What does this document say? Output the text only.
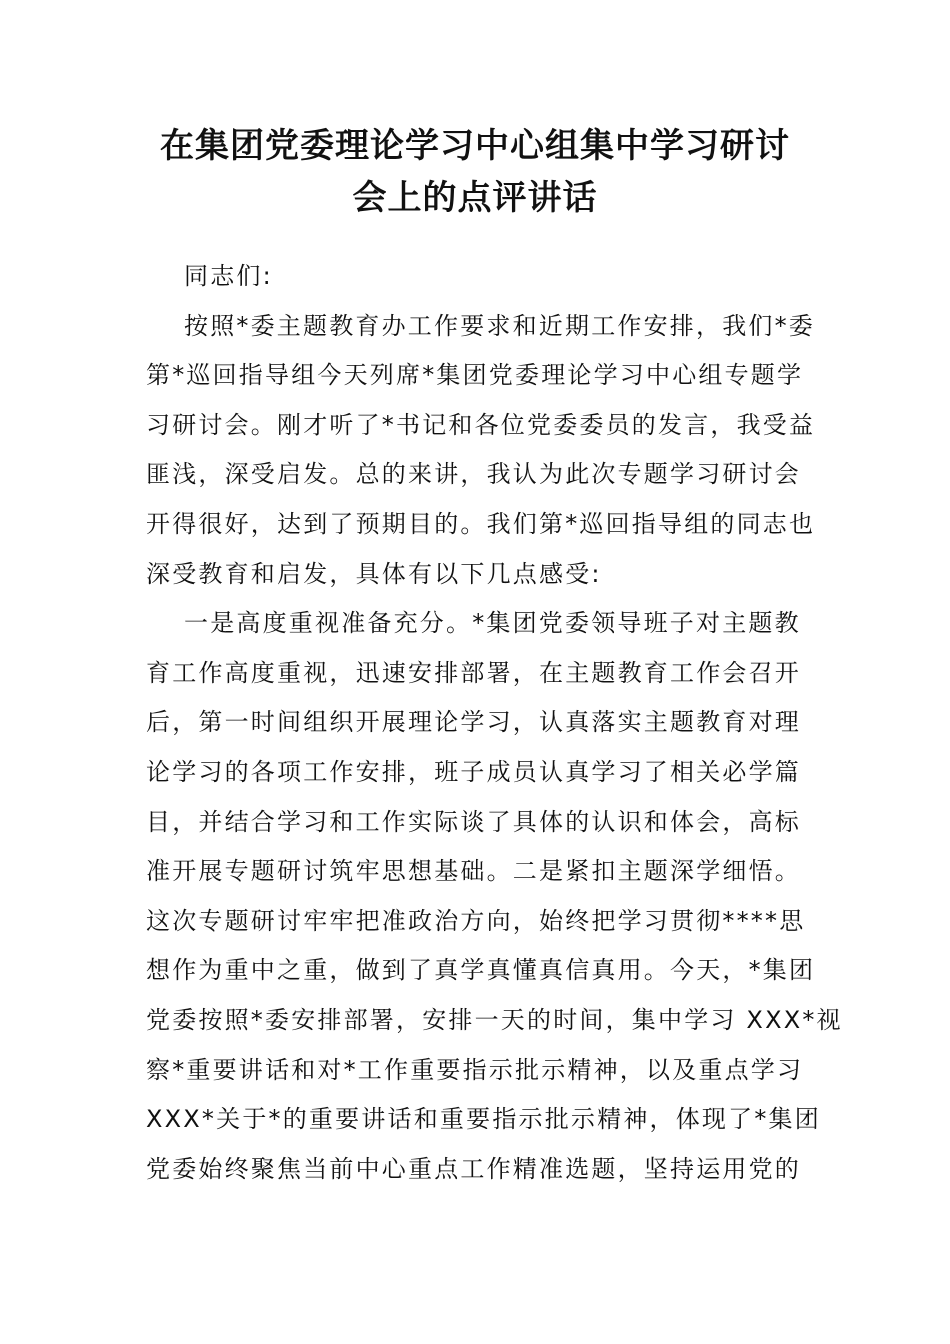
在集团党委理论学习中心组集中学习研讨
会上的点评讲话
同志们:
按照*委主题教育办工作要求和近期工作安排，我们*委
第*巡回指导组今天列席*集团党委理论学习中心组专题学
习研讨会。刚才听了*书记和各位党委委员的发言，我受益
匪浅，深受启发。总的来讲，我认为此次专题学习研讨会
开得很好，达到了预期目的。我们第*巡回指导组的同志也
深受教育和启发，具体有以下几点感受:
一是高度重视准备充分。*集团党委领导班子对主题教
育工作高度重视，迅速安排部署，在主题教育工作会召开
后，第一时间组织开展理论学习，认真落实主题教育对理
论学习的各项工作安排，班子成员认真学习了相关必学篇
目，并结合学习和工作实际谈了具体的认识和体会，高标
准开展专题研讨筑牢思想基础。二是紧扣主题深学细悟。
这次专题研讨牢牢把准政治方向，始终把学习贯彻****思
想作为重中之重，做到了真学真懂真信真用。今天，*集团
党委按照*委安排部署，安排一天的时间，集中学习 XXX*视
察*重要讲话和对*工作重要指示批示精神，以及重点学习
XXX*关于*的重要讲话和重要指示批示精神，体现了*集团
党委始终聚焦当前中心重点工作精准选题，坚持运用党的
